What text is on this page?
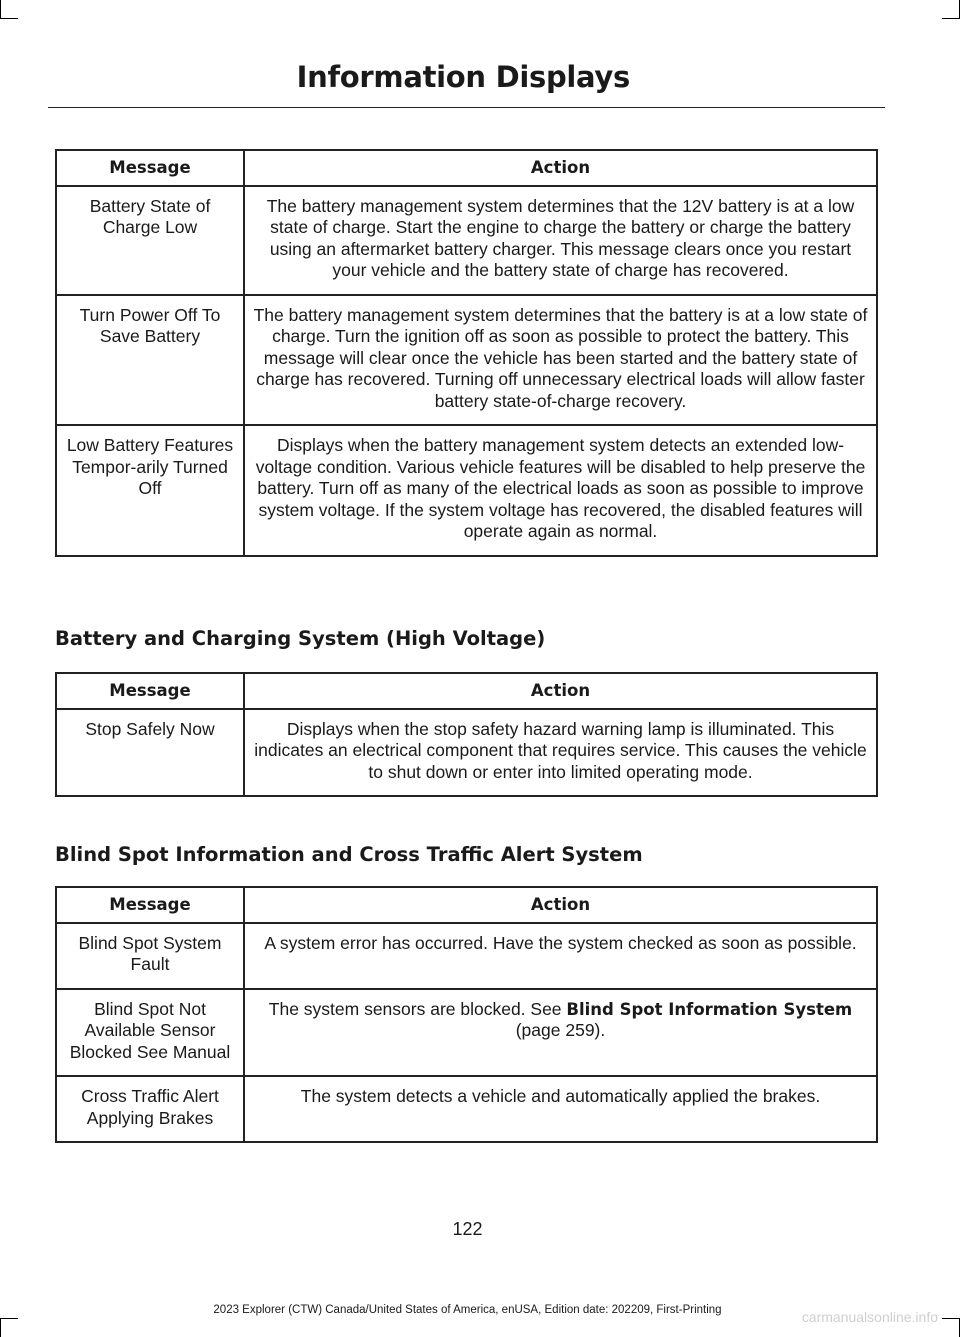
Information Displays
Message	Action
Battery State of Charge Low	The battery management system determines that the 12V battery is at a low state of charge. Start the engine to charge the battery or charge the battery using an aftermarket battery charger. This message clears once you restart your vehicle and the battery state of charge has recovered.
Turn Power Off To Save Battery	The battery management system determines that the battery is at a low state of charge. Turn the ignition off as soon as possible to protect the battery. This message will clear once the vehicle has been started and the battery state of charge has recovered. Turning off unnecessary electrical loads will allow faster battery state-of-charge recovery.
Low Battery Features Tempor-arily Turned Off	Displays when the battery management system detects an extended low-voltage condition. Various vehicle features will be disabled to help preserve the battery. Turn off as many of the electrical loads as soon as possible to improve system voltage. If the system voltage has recovered, the disabled features will operate again as normal.
Battery and Charging System (High Voltage)
Message	Action
Stop Safely Now	Displays when the stop safety hazard warning lamp is illuminated. This indicates an electrical component that requires service. This causes the vehicle to shut down or enter into limited operating mode.
Blind Spot Information and Cross Traffic Alert System
Message	Action
Blind Spot System Fault	A system error has occurred. Have the system checked as soon as possible.
Blind Spot Not Available Sensor Blocked See Manual	The system sensors are blocked. See Blind Spot Information System (page 259).
Cross Traffic Alert Applying Brakes	The system detects a vehicle and automatically applied the brakes.
122
2023 Explorer (CTW) Canada/United States of America, enUSA, Edition date: 202209, First-Printing	carmanualsonline.info
